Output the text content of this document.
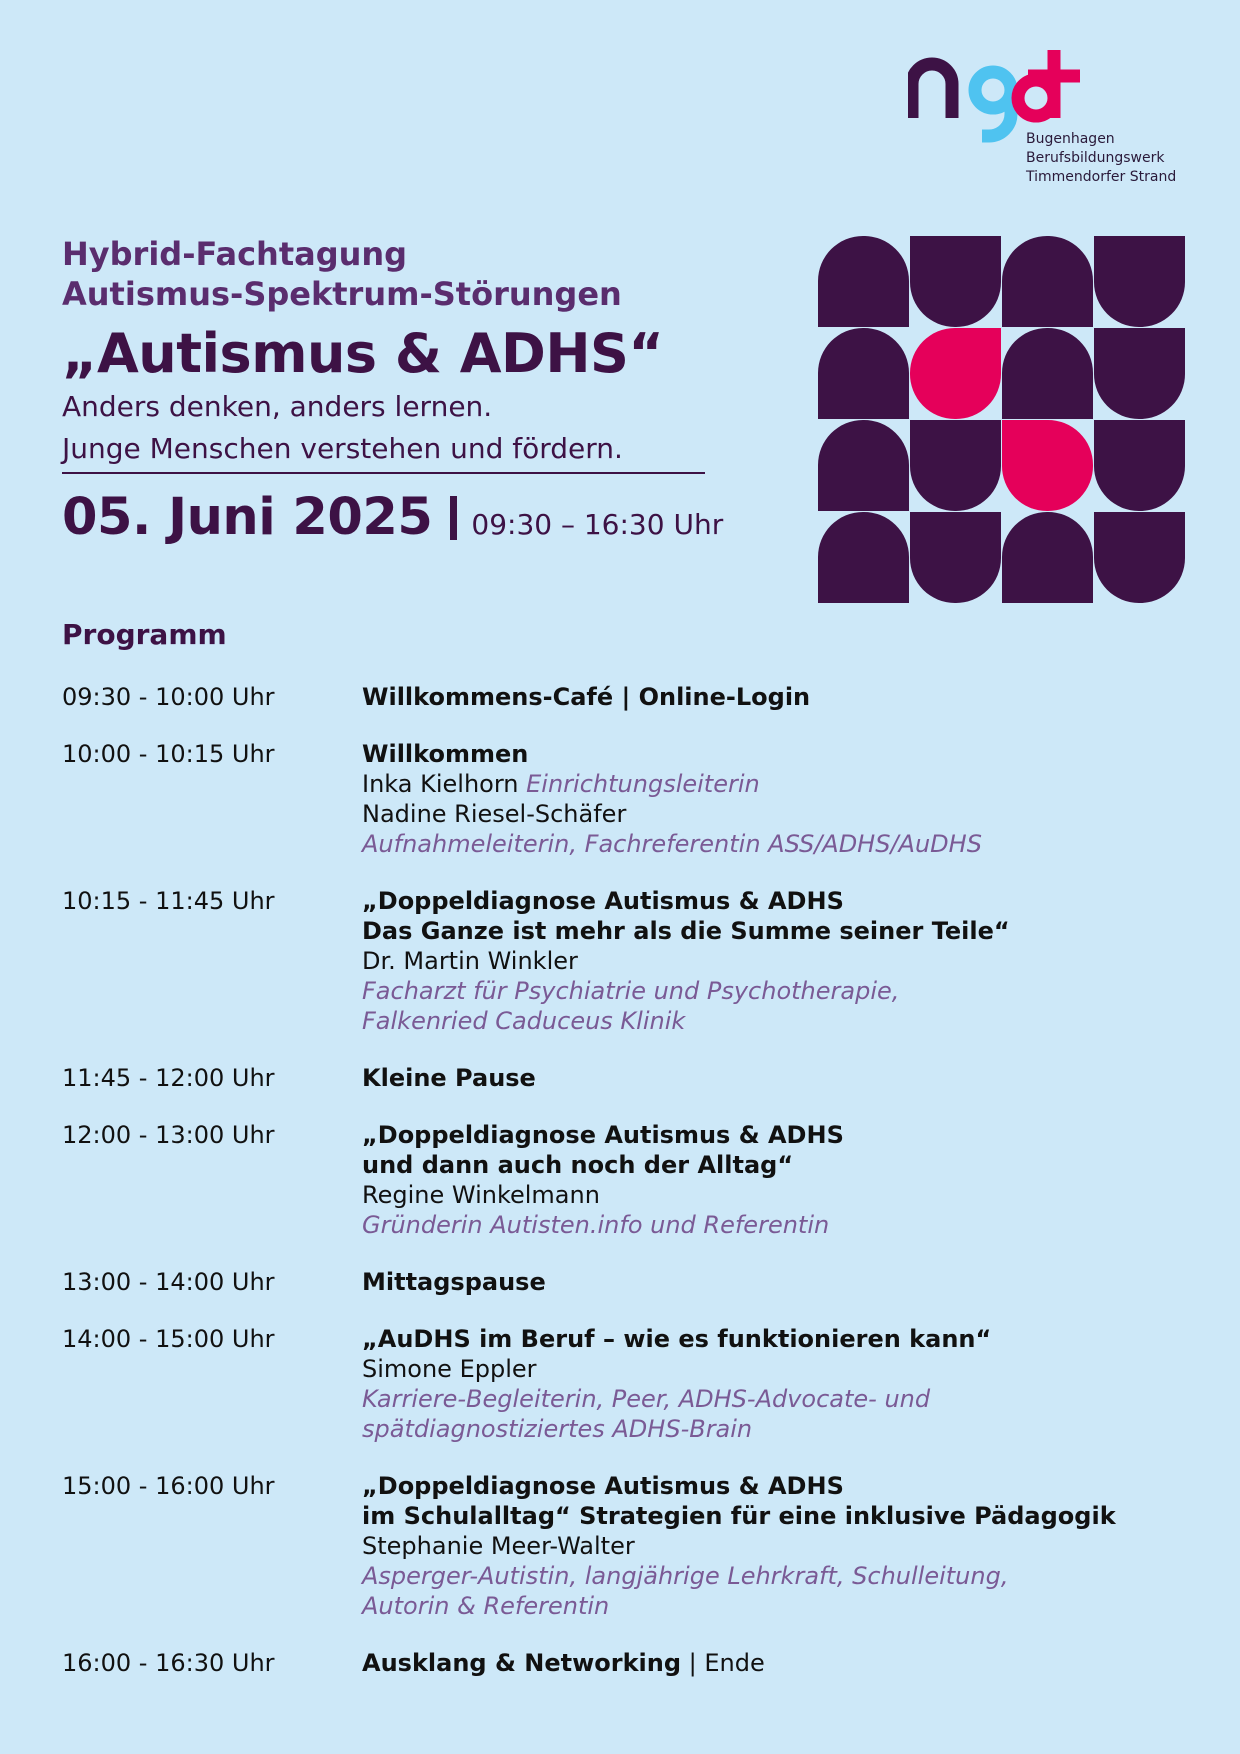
Bugenhagen
Berufsbildungswerk
Timmendorfer Strand
Hybrid-Fachtagung
Autismus-Spektrum-Störungen
„Autismus & ADHS“
Anders denken, anders lernen.
Junge Menschen verstehen und fördern.
05. Juni 2025 09:30 – 16:30 Uhr
Programm
09:30 - 10:00 Uhr	Willkommens-Café | Online-Login
10:00 - 10:15 Uhr	Willkommen
Inka Kielhorn Einrichtungsleiterin
Nadine Riesel-Schäfer
Aufnahmeleiterin, Fachreferentin ASS/ADHS/AuDHS
10:15 - 11:45 Uhr	„Doppeldiagnose Autismus & ADHS
Das Ganze ist mehr als die Summe seiner Teile“
Dr. Martin Winkler
Facharzt für Psychiatrie und Psychotherapie,
Falkenried Caduceus Klinik
11:45 - 12:00 Uhr	Kleine Pause
12:00 - 13:00 Uhr	„Doppeldiagnose Autismus & ADHS
und dann auch noch der Alltag“
Regine Winkelmann
Gründerin Autisten.info und Referentin
13:00 - 14:00 Uhr	Mittagspause
14:00 - 15:00 Uhr	„AuDHS im Beruf – wie es funktionieren kann“
Simone Eppler
Karriere-Begleiterin, Peer, ADHS-Advocate- und
spätdiagnostiziertes ADHS-Brain
15:00 - 16:00 Uhr	„Doppeldiagnose Autismus & ADHS
im Schulalltag“ Strategien für eine inklusive Pädagogik
Stephanie Meer-Walter
Asperger-Autistin, langjährige Lehrkraft, Schulleitung,
Autorin & Referentin
16:00 - 16:30 Uhr	Ausklang & Networking | Ende
